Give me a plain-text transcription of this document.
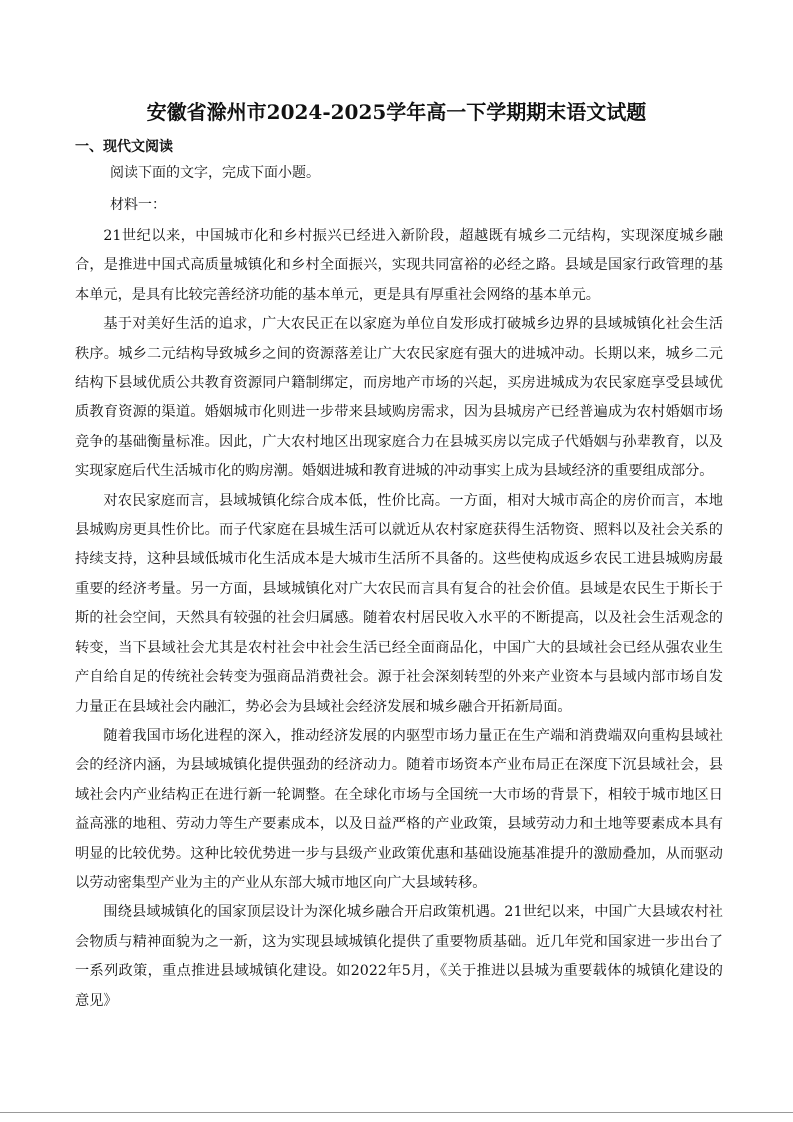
安徽省滁州市2024-2025学年高一下学期期末语文试题
一、现代文阅读
阅读下面的文字，完成下面小题。
材料一：

21世纪以来，中国城市化和乡村振兴已经进入新阶段，超越既有城乡二元结构，实现深度城乡融合，是推进中国式高质量城镇化和乡村全面振兴，实现共同富裕的必经之路。县域是国家行政管理的基本单元，是具有比较完善经济功能的基本单元，更是具有厚重社会网络的基本单元。

基于对美好生活的追求，广大农民正在以家庭为单位自发形成打破城乡边界的县域城镇化社会生活秩序。城乡二元结构导致城乡之间的资源落差让广大农民家庭有强大的进城冲动。长期以来，城乡二元结构下县域优质公共教育资源同户籍制绑定，而房地产市场的兴起，买房进城成为农民家庭享受县域优质教育资源的渠道。婚姻城市化则进一步带来县域购房需求，因为县城房产已经普遍成为农村婚姻市场竞争的基础衡量标准。因此，广大农村地区出现家庭合力在县城买房以完成子代婚姻与孙辈教育，以及实现家庭后代生活城市化的购房潮。婚姻进城和教育进城的冲动事实上成为县域经济的重要组成部分。

对农民家庭而言，县域城镇化综合成本低，性价比高。一方面，相对大城市高企的房价而言，本地县城购房更具性价比。而子代家庭在县城生活可以就近从农村家庭获得生活物资、照料以及社会关系的持续支持，这种县域低城市化生活成本是大城市生活所不具备的。这些使构成返乡农民工进县城购房最重要的经济考量。另一方面，县域城镇化对广大农民而言具有复合的社会价值。县域是农民生于斯长于斯的社会空间，天然具有较强的社会归属感。随着农村居民收入水平的不断提高，以及社会生活观念的转变，当下县域社会尤其是农村社会中社会生活已经全面商品化，中国广大的县域社会已经从强农业生产自给自足的传统社会转变为强商品消费社会。源于社会深刻转型的外来产业资本与县域内部市场自发力量正在县域社会内融汇，势必会为县域社会经济发展和城乡融合开拓新局面。

随着我国市场化进程的深入，推动经济发展的内驱型市场力量正在生产端和消费端双向重构县域社会的经济内涵，为县域城镇化提供强劲的经济动力。随着市场资本产业布局正在深度下沉县域社会，县域社会内产业结构正在进行新一轮调整。在全球化市场与全国统一大市场的背景下，相较于城市地区日益高涨的地租、劳动力等生产要素成本，以及日益严格的产业政策，县域劳动力和土地等要素成本具有明显的比较优势。这种比较优势进一步与县级产业政策优惠和基础设施基准提升的激励叠加，从而驱动以劳动密集型产业为主的产业从东部大城市地区向广大县域转移。

围绕县域城镇化的国家顶层设计为深化城乡融合开启政策机遇。21世纪以来，中国广大县域农村社会物质与精神面貌为之一新，这为实现县域城镇化提供了重要物质基础。近几年党和国家进一步出台了一系列政策，重点推进县域城镇化建设。如2022年5月，《关于推进以县城为重要载体的城镇化建设的意见》
